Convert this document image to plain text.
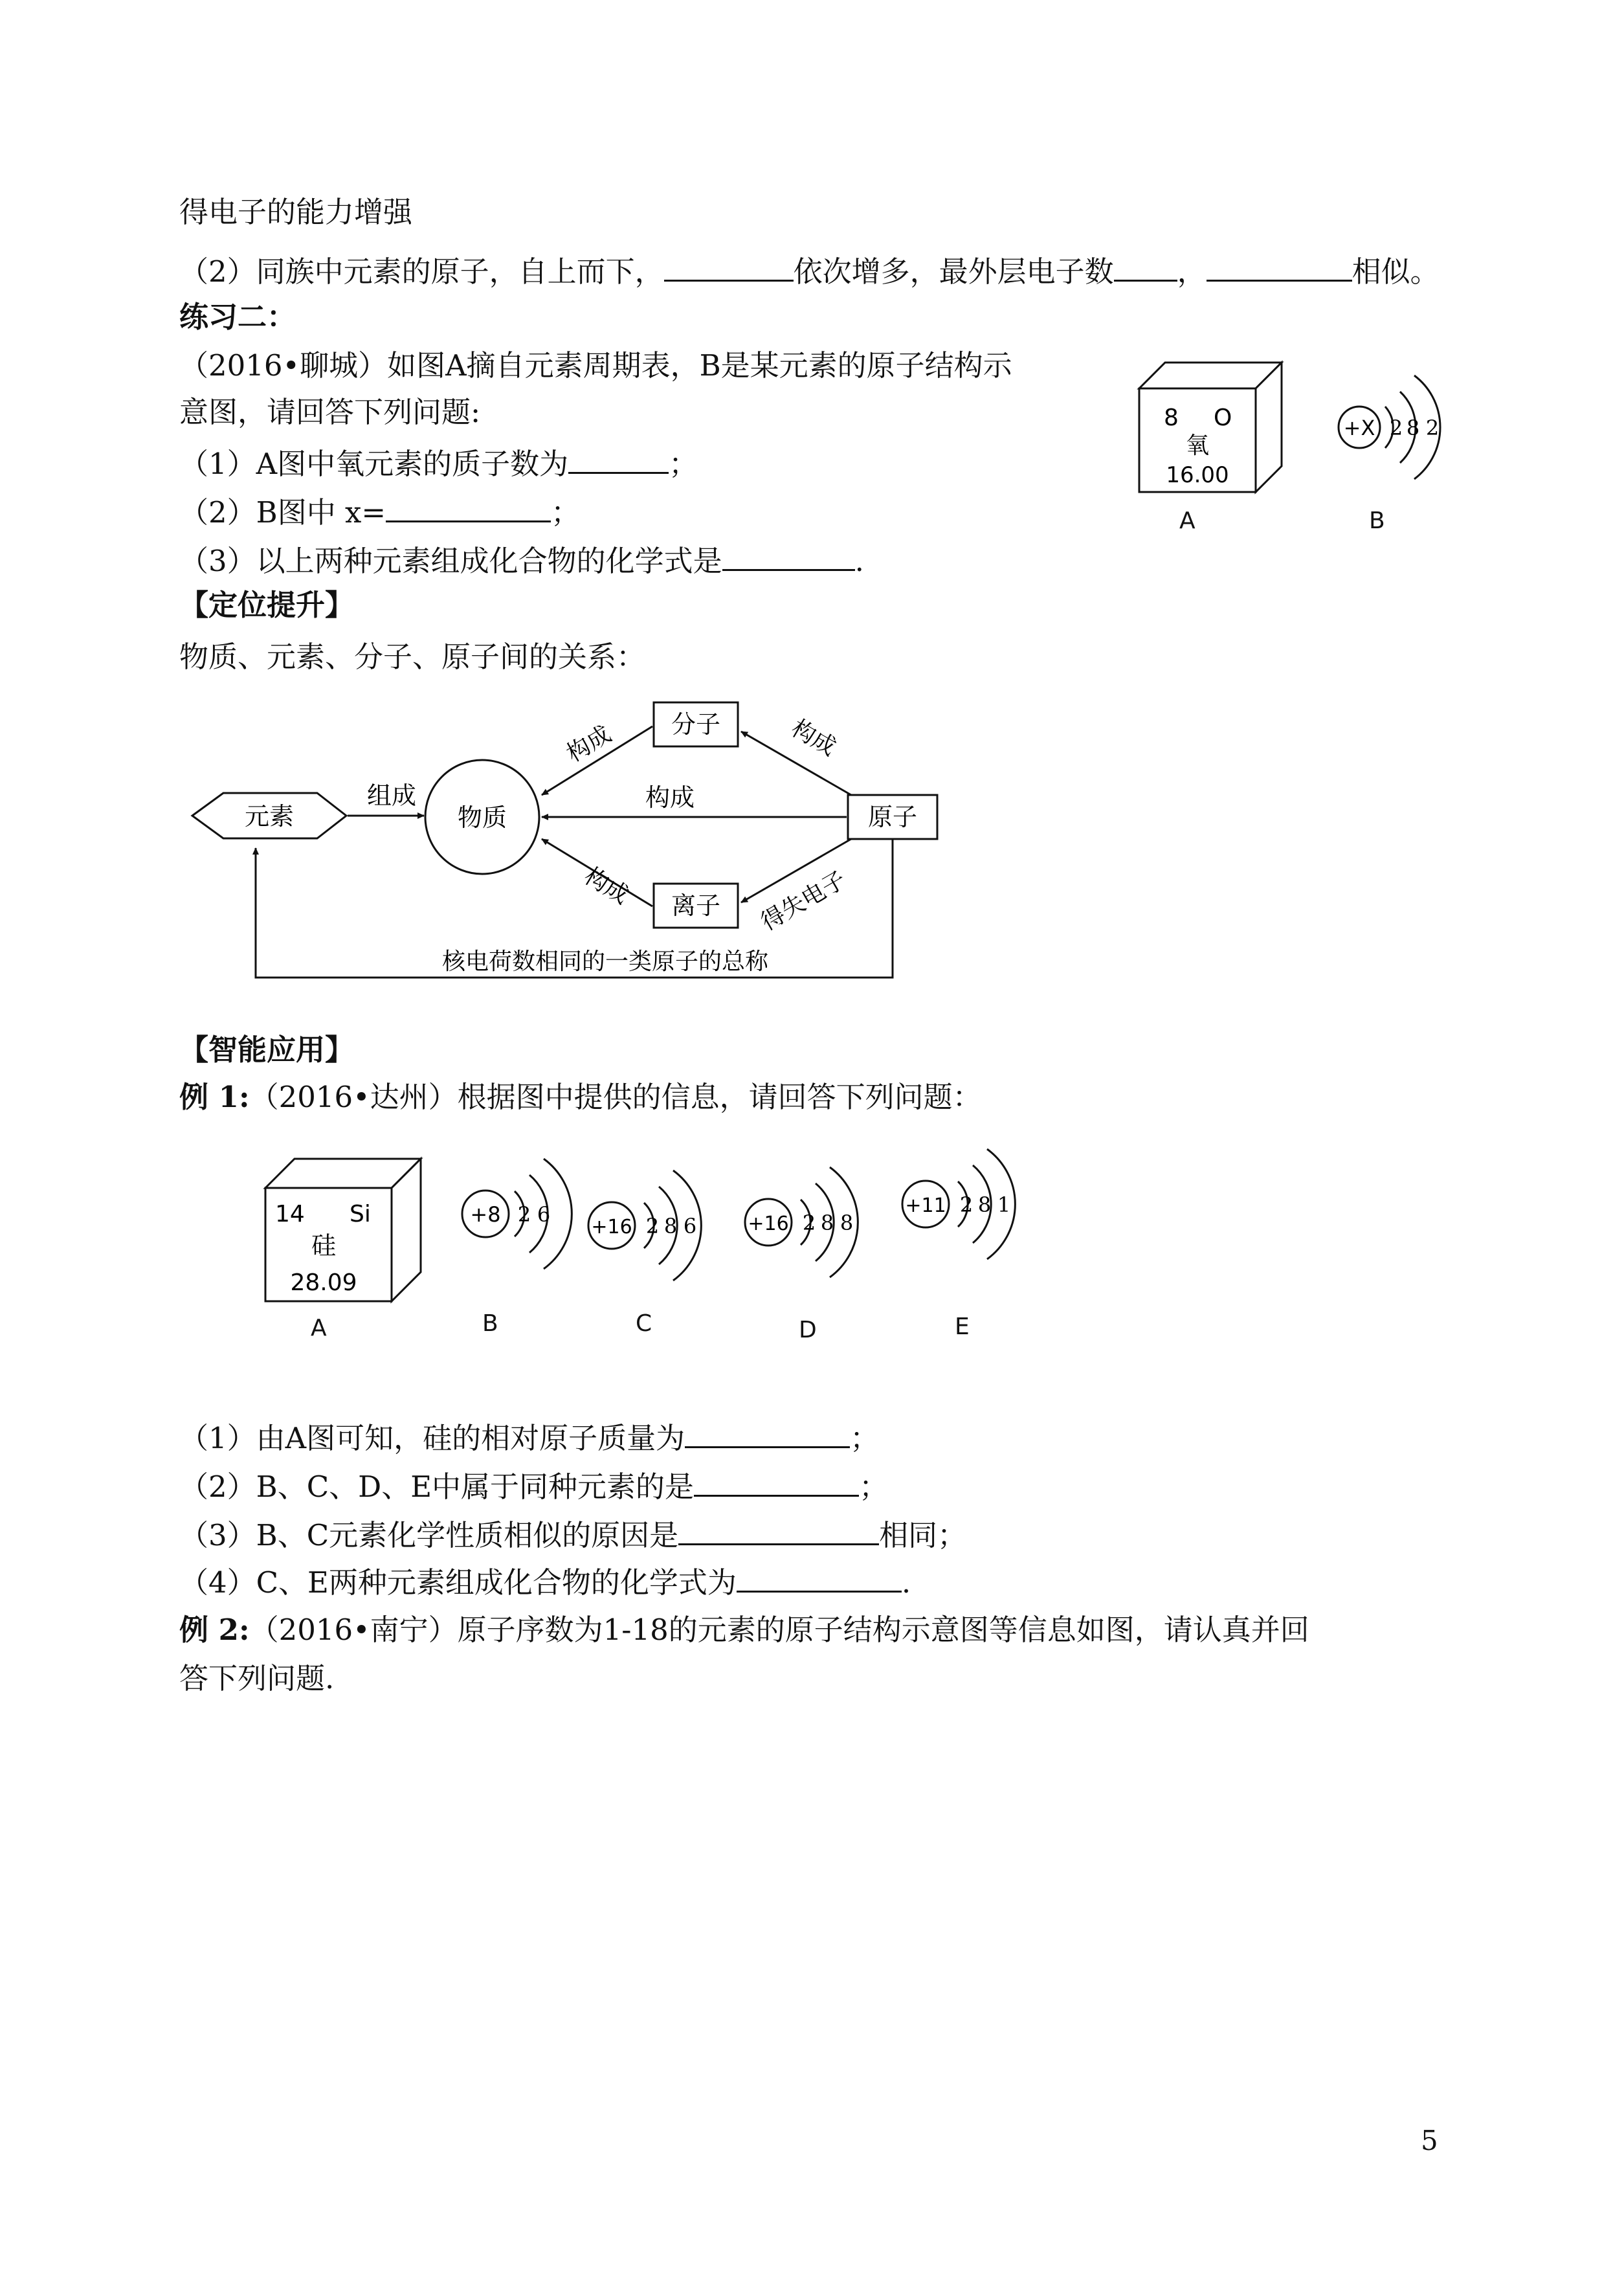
得电子的能力增强
（2）同族中元素的原子，自上而下，	依次增多，最外层电子数 ，	相似。
练习二：
（2016•聊城）如图A摘自元素周期表，B是某元素的原子结构示
意图，请回答下列问题:
（1）A图中氧元素的质子数为	；
（2）B图中 x=	；
（3）以上两种元素组成化合物的化学式是	.
8 O
氧
16.00
A
+X 2 8 2
B
【定位提升】
物质、元素、分子、原子间的关系：
元素
组成
物质
分子
离子
原子
构成
构成
构成
构成
得失电子
核电荷数相同的一类原子的总称
【智能应用】
例 1:（2016•达州）根据图中提供的信息，请回答下列问题：
14 Si
硅
28.09
A
+8 2 6
B
+16 2 8 6
C
+16 2 8 8
D
+11 2 8 1
E
（1）由A图可知，硅的相对原子质量为	；
（2）B、C、D、E中属于同种元素的是	；
（3）B、C元素化学性质相似的原因是	相同；
（4）C、E两种元素组成化合物的化学式为	.
例 2:（2016•南宁）原子序数为1-18的元素的原子结构示意图等信息如图，请认真并回
答下列问题.
5
